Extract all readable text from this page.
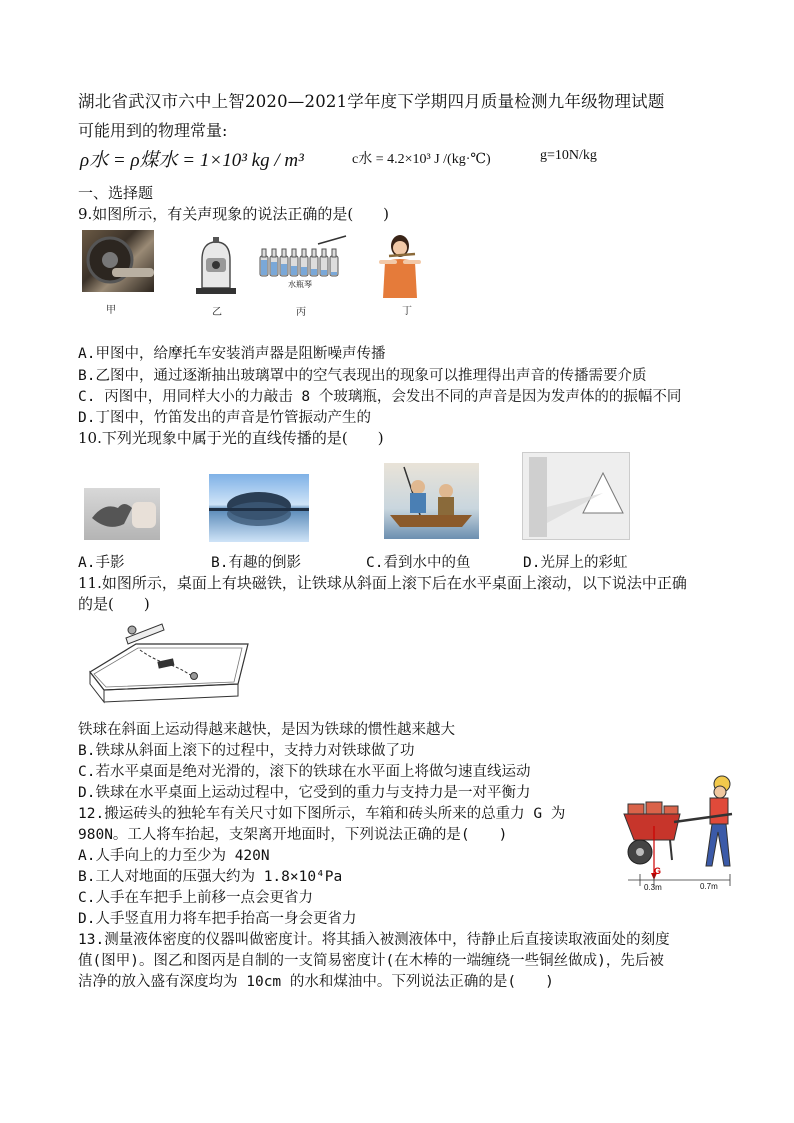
湖北省武汉市六中上智2020—2021学年度下学期四月质量检测九年级物理试题
可能用到的物理常量:
ρ水 = ρ煤水 = 1×10³ kg / m³	c水 = 4.2×10³ J /(kg·℃)	g=10N/kg
一、选择题
9.如图所示，有关声现象的说法正确的是(　　)
甲	乙
水瓶琴
丙	丁
A.甲图中，给摩托车安装消声器是阻断噪声传播
B.乙图中，通过逐渐抽出玻璃罩中的空气表现出的现象可以推理得出声音的传播需要介质
C. 丙图中，用同样大小的力敲击 8 个玻璃瓶，会发出不同的声音是因为发声体的的振幅不同
D.丁图中，竹笛发出的声音是竹管振动产生的
10.下列光现象中属于光的直线传播的是(　　)
A.手影	B.有趣的倒影	C.看到水中的鱼	D.光屏上的彩虹
11.如图所示，桌面上有块磁铁，让铁球从斜面上滚下后在水平桌面上滚动，以下说法中正确
的是(　　)
铁球在斜面上运动得越来越快，是因为铁球的惯性越来越大
B.铁球从斜面上滚下的过程中，支持力对铁球做了功
C.若水平桌面是绝对光滑的，滚下的铁球在水平面上将做匀速直线运动
D.铁球在水平桌面上运动过程中，它受到的重力与支持力是一对平衡力
12.搬运砖头的独轮车有关尺寸如下图所示，车箱和砖头所来的总重力 G 为
980N。工人将车抬起，支架离开地面时，下列说法正确的是(　　)
A.人手向上的力至少为 420N
B.工人对地面的压强大约为 1.8×10⁴Pa
C.人手在车把手上前移一点会更省力
D.人手竖直用力将车把手抬高一身会更省力
G
0.3m	0.7m
13.测量液体密度的仪器叫做密度计。将其插入被测液体中，待静止后直接读取液面处的刻度
值(图甲)。图乙和图丙是自制的一支简易密度计(在木棒的一端缠绕一些铜丝做成)，先后被
洁净的放入盛有深度均为 10cm 的水和煤油中。下列说法正确的是(　　)
